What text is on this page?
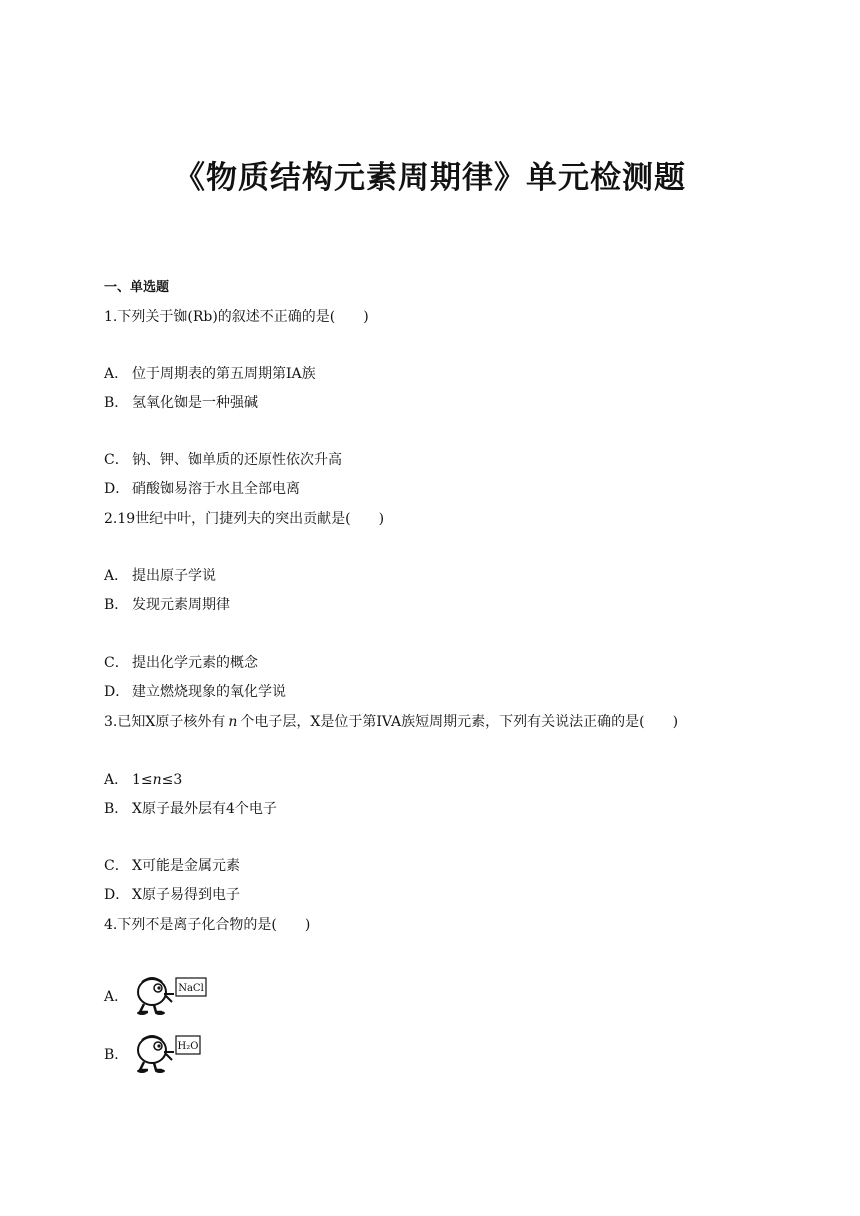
《物质结构元素周期律》单元检测题
一、单选题
1.下列关于铷(Rb)的叙述不正确的是(　　)
A． 位于周期表的第五周期第IA族
B． 氢氧化铷是一种强碱
C． 钠、钾、铷单质的还原性依次升高
D． 硝酸铷易溶于水且全部电离
2.19世纪中叶，门捷列夫的突出贡献是(　　)
A． 提出原子学说
B． 发现元素周期律
C． 提出化学元素的概念
D． 建立燃烧现象的氧化学说
3.已知X原子核外有 n 个电子层，X是位于第IVA族短周期元素，下列有关说法正确的是(　　)
A． 1≤n≤3
B． X原子最外层有4个电子
C． X可能是金属元素
D． X原子易得到电子
4.下列不是离子化合物的是(　　)
A．
NaCl
B．
H₂O
